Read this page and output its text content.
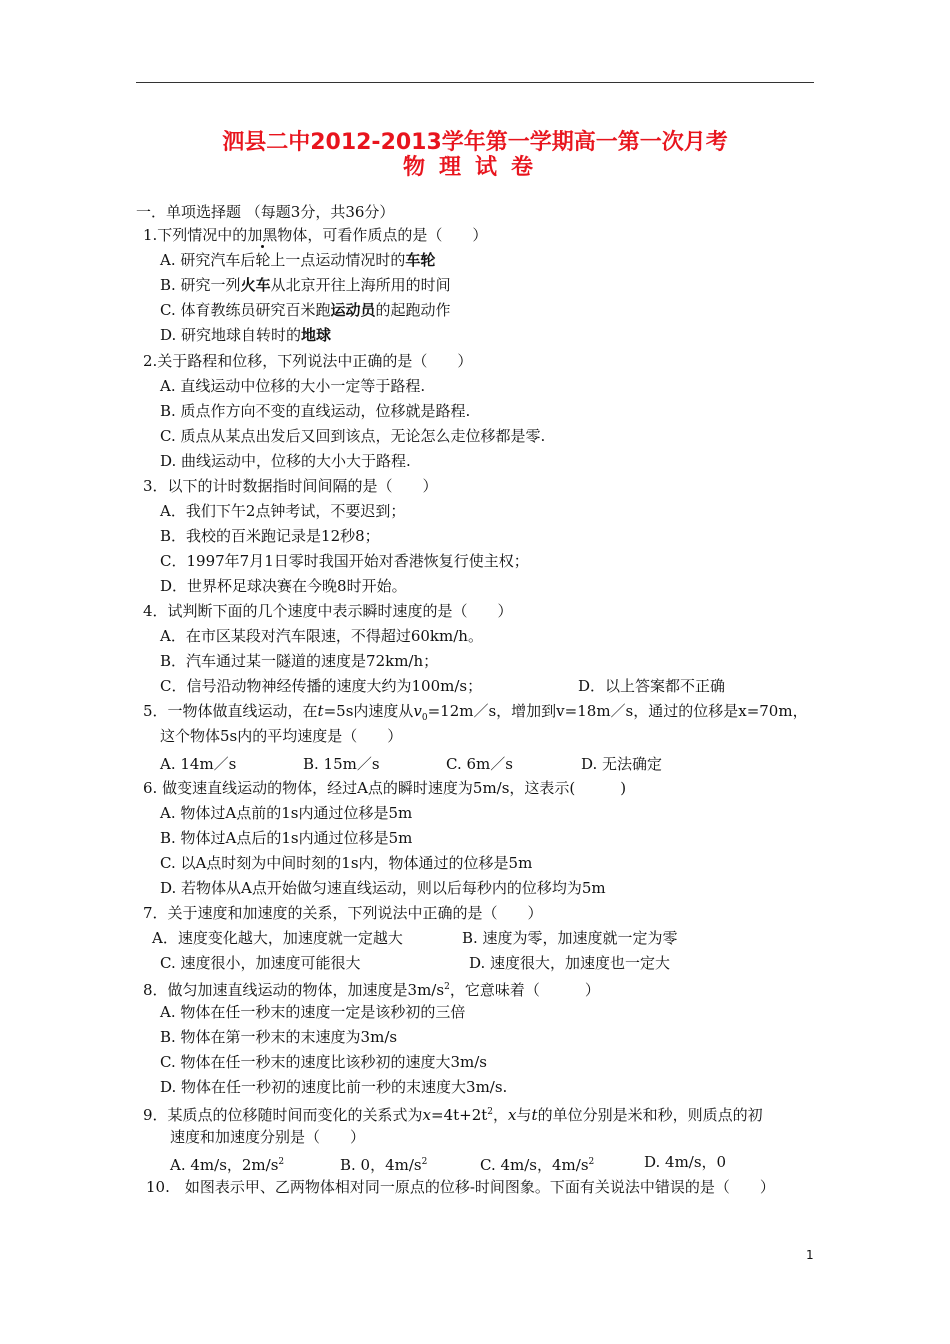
泗县二中2012-2013学年第一学期高一第一次月考
物理试卷
一．单项选择题 （每题3分，共36分）
1.下列情况中的加黑物体，可看作质点的是（　　）
A. 研究汽车后轮上一点运动情况时的车轮
B. 研究一列火车从北京开往上海所用的时间
C. 体育教练员研究百米跑运动员的起跑动作
D. 研究地球自转时的地球
2.关于路程和位移，下列说法中正确的是（　　）
A. 直线运动中位移的大小一定等于路程.
B. 质点作方向不变的直线运动，位移就是路程.
C. 质点从某点出发后又回到该点，无论怎么走位移都是零.
D. 曲线运动中，位移的大小大于路程.
3．以下的计时数据指时间间隔的是（　　）
A．我们下午2点钟考试，不要迟到；
B．我校的百米跑记录是12秒8；
C．1997年7月1日零时我国开始对香港恢复行使主权；
D．世界杯足球决赛在今晚8时开始。
4．试判断下面的几个速度中表示瞬时速度的是（　　）
A．在市区某段对汽车限速，不得超过60km/h。
B．汽车通过某一隧道的速度是72km/h；
C．信号沿动物神经传播的速度大约为100m/s；	D．以上答案都不正确
5．一物体做直线运动，在t=5s内速度从$v_0=12m/s$，增加到v=18m／s，通过的位移是x=70m，
这个物体5s内的平均速度是（　　）
A. 14m／s	B. 15m／s	C. 6m／s	D. 无法确定
6. 做变速直线运动的物体，经过A点的瞬时速度为5m/s，这表示(　　　)
A. 物体过A点前的1s内通过位移是5m
B. 物体过A点后的1s内通过位移是5m
C. 以A点时刻为中间时刻的1s内，物体通过的位移是5m
D. 若物体从A点开始做匀速直线运动，则以后每秒内的位移均为5m
7．关于速度和加速度的关系，下列说法中正确的是（　　）
A．速度变化越大，加速度就一定越大	B. 速度为零，加速度就一定为零
C. 速度很小，加速度可能很大	D. 速度很大，加速度也一定大
8．做匀加速直线运动的物体，加速度是$3m/s^2$，它意味着（　　　）
A. 物体在任一秒末的速度一定是该秒初的三倍
B. 物体在第一秒末的末速度为3m/s
C. 物体在任一秒末的速度比该秒初的速度大3m/s
D. 物体在任一秒初的速度比前一秒的末速度大3m/s.
9．某质点的位移随时间而变化的关系式为$x=4t+2t^2$，x与t的单位分别是米和秒，则质点的初
速度和加速度分别是（　　）
A. 4m/s，$2m/s^2$	B. 0，$4m/s^2$	C. 4m/s，$4m/s^2$	D. 4m/s，0
10.　如图表示甲、乙两物体相对同一原点的位移-时间图象。下面有关说法中错误的是（　　）
1
